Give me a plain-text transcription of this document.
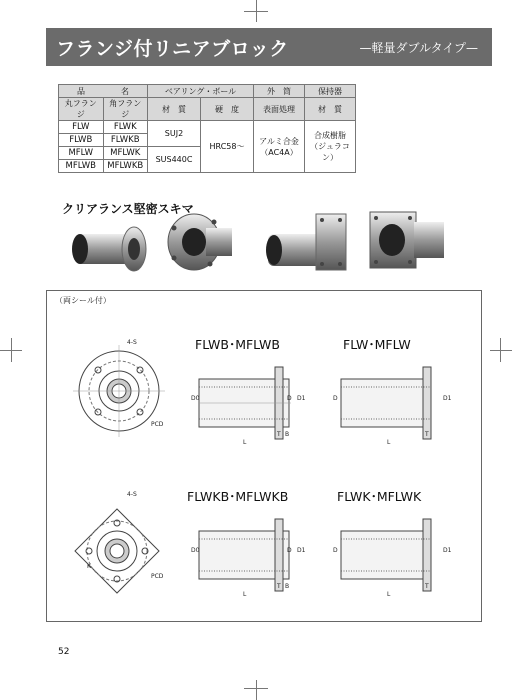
フランジ付リニアブロック	—軽量ダブルタイプ—
品	名	ベアリング・ボール		外　筒	保持器
丸フランジ	角フランジ	材　質	硬　度	表面処理	材　質
FLW	FLWK	SUJ2	HRC58〜	アルミ合金（AC4A）	合成樹脂（ジュラコン）
FLWB	FLWKB				
MFLW	MFLWK	SUS440C			
MFLWB	MFLWKB				
クリアランス堅密スキマ
（両シール付）
FLWB･MFLWB	FLW･MFLW
FLWKB･MFLWKB	FLWK･MFLWK
4-S
PCD
4-S
PCD
K
D0	D D1
L
T B
D	D1
L
T
D0	D D1
L
T B
D	D1
L
T
52
